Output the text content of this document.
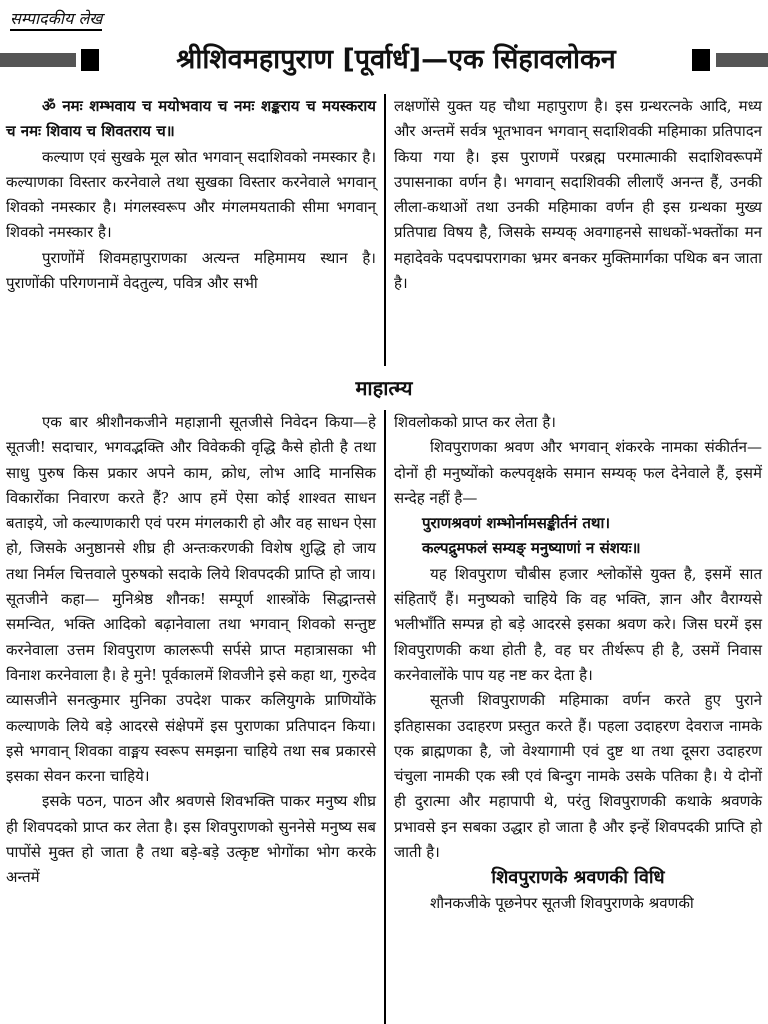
सम्पादकीय लेख
श्रीशिवमहापुराण [पूर्वार्ध]—एक सिंहावलोकन

ॐ नमः शम्भवाय च मयोभवाय च नमः शङ्कराय च मयस्कराय च नमः शिवाय च शिवतराय च॥

कल्याण एवं सुखके मूल स्रोत भगवान् सदाशिवको नमस्कार है। कल्याणका विस्तार करनेवाले तथा सुखका विस्तार करनेवाले भगवान् शिवको नमस्कार है। मंगलस्वरूप और मंगलमयताकी सीमा भगवान् शिवको नमस्कार है।

पुराणोंमें शिवमहापुराणका अत्यन्त महिमामय स्थान है। पुराणोंकी परिगणनामें वेदतुल्य, पवित्र और सभी

लक्षणोंसे युक्त यह चौथा महापुराण है। इस ग्रन्थरत्नके आदि, मध्य और अन्तमें सर्वत्र भूतभावन भगवान् सदाशिवकी महिमाका प्रतिपादन किया गया है। इस पुराणमें परब्रह्म परमात्माकी सदाशिवरूपमें उपासनाका वर्णन है। भगवान् सदाशिवकी लीलाएँ अनन्त हैं, उनकी लीला-कथाओं तथा उनकी महिमाका वर्णन ही इस ग्रन्थका मुख्य प्रतिपाद्य विषय है, जिसके सम्यक् अवगाहनसे साधकों-भक्तोंका मन महादेवके पदपद्मपरागका भ्रमर बनकर मुक्तिमार्गका पथिक बन जाता है।

माहात्म्य

एक बार श्रीशौनकजीने महाज्ञानी सूतजीसे निवेदन किया—हे सूतजी! सदाचार, भगवद्भक्ति और विवेककी वृद्धि कैसे होती है तथा साधु पुरुष किस प्रकार अपने काम, क्रोध, लोभ आदि मानसिक विकारोंका निवारण करते हैं? आप हमें ऐसा कोई शाश्वत साधन बताइये, जो कल्याणकारी एवं परम मंगलकारी हो और वह साधन ऐसा हो, जिसके अनुष्ठानसे शीघ्र ही अन्तःकरणकी विशेष शुद्धि हो जाय तथा निर्मल चित्तवाले पुरुषको सदाके लिये शिवपदकी प्राप्ति हो जाय। सूतजीने कहा— मुनिश्रेष्ठ शौनक! सम्पूर्ण शास्त्रोंके सिद्धान्तसे समन्वित, भक्ति आदिको बढ़ानेवाला तथा भगवान् शिवको सन्तुष्ट करनेवाला उत्तम शिवपुराण कालरूपी सर्पसे प्राप्त महात्रासका भी विनाश करनेवाला है। हे मुने! पूर्वकालमें शिवजीने इसे कहा था, गुरुदेव व्यासजीने सनत्कुमार मुनिका उपदेश पाकर कलियुगके प्राणियोंके कल्याणके लिये बड़े आदरसे संक्षेपमें इस पुराणका प्रतिपादन किया। इसे भगवान् शिवका वाङ्मय स्वरूप समझना चाहिये तथा सब प्रकारसे इसका सेवन करना चाहिये।

इसके पठन, पाठन और श्रवणसे शिवभक्ति पाकर मनुष्य शीघ्र ही शिवपदको प्राप्त कर लेता है। इस शिवपुराणको सुननेसे मनुष्य सब पापोंसे मुक्त हो जाता है तथा बड़े-बड़े उत्कृष्ट भोगोंका भोग करके अन्तमें

शिवलोकको प्राप्त कर लेता है।

शिवपुराणका श्रवण और भगवान् शंकरके नामका संकीर्तन—दोनों ही मनुष्योंको कल्पवृक्षके समान सम्यक् फल देनेवाले हैं, इसमें सन्देह नहीं है—

पुराणश्रवणं शम्भोर्नामसङ्कीर्तनं तथा।

कल्पद्रुमफलं सम्यङ् मनुष्याणां न संशयः॥

यह शिवपुराण चौबीस हजार श्लोकोंसे युक्त है, इसमें सात संहिताएँ हैं। मनुष्यको चाहिये कि वह भक्ति, ज्ञान और वैराग्यसे भलीभाँति सम्पन्न हो बड़े आदरसे इसका श्रवण करे। जिस घरमें इस शिवपुराणकी कथा होती है, वह घर तीर्थरूप ही है, उसमें निवास करनेवालोंके पाप यह नष्ट कर देता है।

सूतजी शिवपुराणकी महिमाका वर्णन करते हुए पुराने इतिहासका उदाहरण प्रस्तुत करते हैं। पहला उदाहरण देवराज नामके एक ब्राह्मणका है, जो वेश्यागामी एवं दुष्ट था तथा दूसरा उदाहरण चंचुला नामकी एक स्त्री एवं बिन्दुग नामके उसके पतिका है। ये दोनों ही दुरात्मा और महापापी थे, परंतु शिवपुराणकी कथाके श्रवणके प्रभावसे इन सबका उद्धार हो जाता है और इन्हें शिवपदकी प्राप्ति हो जाती है।

शिवपुराणके श्रवणकी विधि

शौनकजीके पूछनेपर सूतजी शिवपुराणके श्रवणकी
